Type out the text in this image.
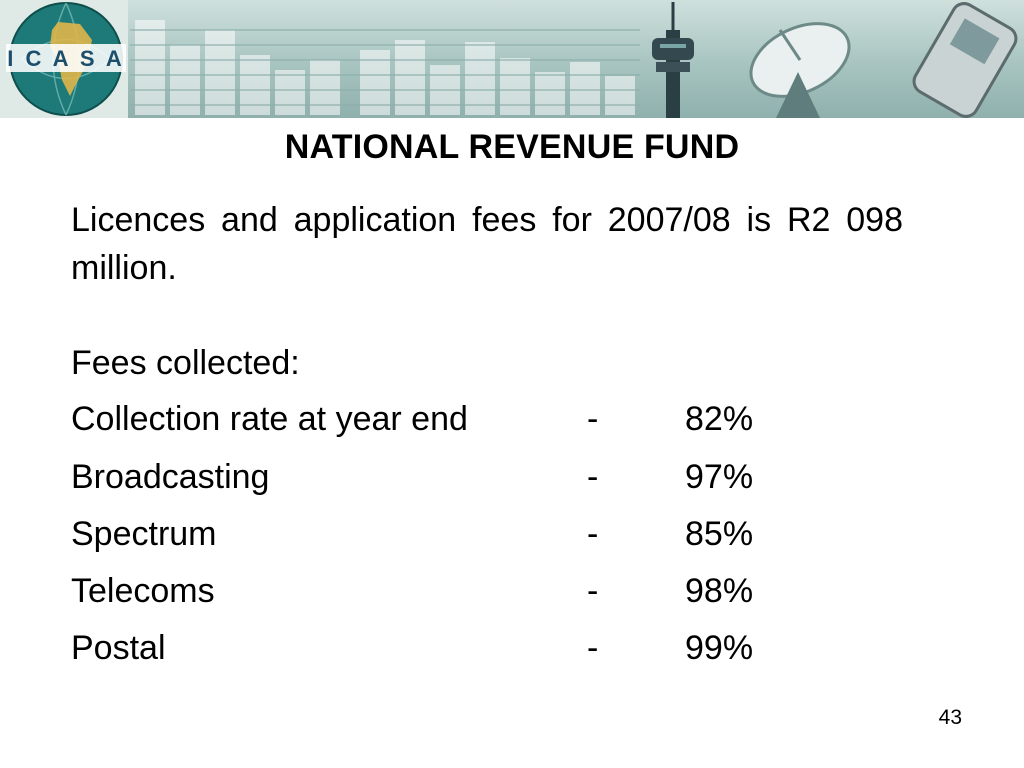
I C A S A
NATIONAL REVENUE FUND
Licences and application fees for 2007/08 is R2 098 million.
Fees collected:
Collection rate at year end	-	82%
Broadcasting	-	97%
Spectrum	-	85%
Telecoms	-	98%
Postal	-	99%
43
